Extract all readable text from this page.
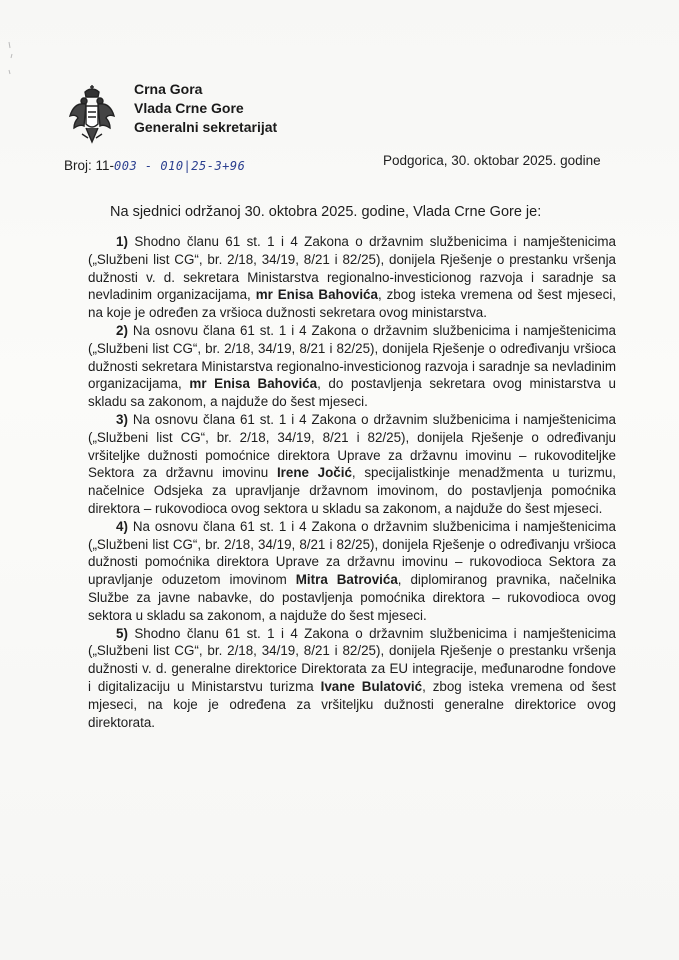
Crna Gora
Vlada Crne Gore
Generalni sekretarijat
Broj: 11-003 - 010|25-3+96	Podgorica, 30. oktobar 2025. godine
Na sjednici održanoj 30. oktobra 2025. godine, Vlada Crne Gore je:

1) Shodno članu 61 st. 1 i 4 Zakona o državnim službenicima i namještenicima („Službeni list CG“, br. 2/18, 34/19, 8/21 i 82/25), donijela Rješenje o prestanku vršenja dužnosti v. d. sekretara Ministarstva regionalno-investicionog razvoja i saradnje sa nevladinim organizacijama, mr Enisa Bahovića, zbog isteka vremena od šest mjeseci, na koje je određen za vršioca dužnosti sekretara ovog ministarstva.

2) Na osnovu člana 61 st. 1 i 4 Zakona o državnim službenicima i namještenicima („Službeni list CG“, br. 2/18, 34/19, 8/21 i 82/25), donijela Rješenje o određivanju vršioca dužnosti sekretara Ministarstva regionalno-investicionog razvoja i saradnje sa nevladinim organizacijama, mr Enisa Bahovića, do postavljenja sekretara ovog ministarstva u skladu sa zakonom, a najduže do šest mjeseci.

3) Na osnovu člana 61 st. 1 i 4 Zakona o državnim službenicima i namještenicima („Službeni list CG“, br. 2/18, 34/19, 8/21 i 82/25), donijela Rješenje o određivanju vršiteljke dužnosti pomoćnice direktora Uprave za državnu imovinu – rukovoditeljke Sektora za državnu imovinu Irene Jočić, specijalistkinje menadžmenta u turizmu, načelnice Odsjeka za upravljanje državnom imovinom, do postavljenja pomoćnika direktora – rukovodioca ovog sektora u skladu sa zakonom, a najduže do šest mjeseci.

4) Na osnovu člana 61 st. 1 i 4 Zakona o državnim službenicima i namještenicima („Službeni list CG“, br. 2/18, 34/19, 8/21 i 82/25), donijela Rješenje o određivanju vršioca dužnosti pomoćnika direktora Uprave za državnu imovinu – rukovodioca Sektora za upravljanje oduzetom imovinom Mitra Batrovića, diplomiranog pravnika, načelnika Službe za javne nabavke, do postavljenja pomoćnika direktora – rukovodioca ovog sektora u skladu sa zakonom, a najduže do šest mjeseci.

5) Shodno članu 61 st. 1 i 4 Zakona o državnim službenicima i namještenicima („Službeni list CG“, br. 2/18, 34/19, 8/21 i 82/25), donijela Rješenje o prestanku vršenja dužnosti v. d. generalne direktorice Direktorata za EU integracije, međunarodne fondove i digitalizaciju u Ministarstvu turizma Ivane Bulatović, zbog isteka vremena od šest mjeseci, na koje je određena za vršiteljku dužnosti generalne direktorice ovog direktorata.
